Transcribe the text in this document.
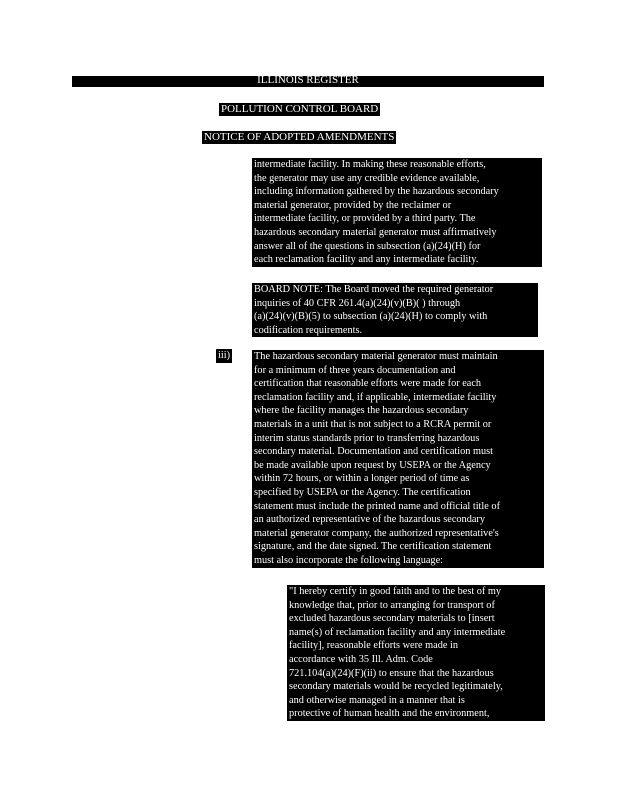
ILLINOIS REGISTER
POLLUTION CONTROL BOARD
NOTICE OF ADOPTED AMENDMENTS
intermediate facility. In making these reasonable efforts,
the generator may use any credible evidence available,
including information gathered by the hazardous secondary
material generator, provided by the reclaimer or
intermediate facility, or provided by a third party. The
hazardous secondary material generator must affirmatively
answer all of the questions in subsection (a)(24)(H) for
each reclamation facility and any intermediate facility.
BOARD NOTE: The Board moved the required generator
inquiries of 40 CFR 261.4(a)(24)(v)(B)( ) through
(a)(24)(v)(B)(5) to subsection (a)(24)(H) to comply with
codification requirements.
iii) The hazardous secondary material generator must maintain
for a minimum of three years documentation and
certification that reasonable efforts were made for each
reclamation facility and, if applicable, intermediate facility
where the facility manages the hazardous secondary
materials in a unit that is not subject to a RCRA permit or
interim status standards prior to transferring hazardous
secondary material. Documentation and certification must
be made available upon request by USEPA or the Agency
within 72 hours, or within a longer period of time as
specified by USEPA or the Agency. The certification
statement must include the printed name and official title of
an authorized representative of the hazardous secondary
material generator company, the authorized representative's
signature, and the date signed. The certification statement
must also incorporate the following language:
"I hereby certify in good faith and to the best of my
knowledge that, prior to arranging for transport of
excluded hazardous secondary materials to [insert
name(s) of reclamation facility and any intermediate
facility], reasonable efforts were made in
accordance with 35 Ill. Adm. Code
721.104(a)(24)(F)(ii) to ensure that the hazardous
secondary materials would be recycled legitimately,
and otherwise managed in a manner that is
protective of human health and the environment,
